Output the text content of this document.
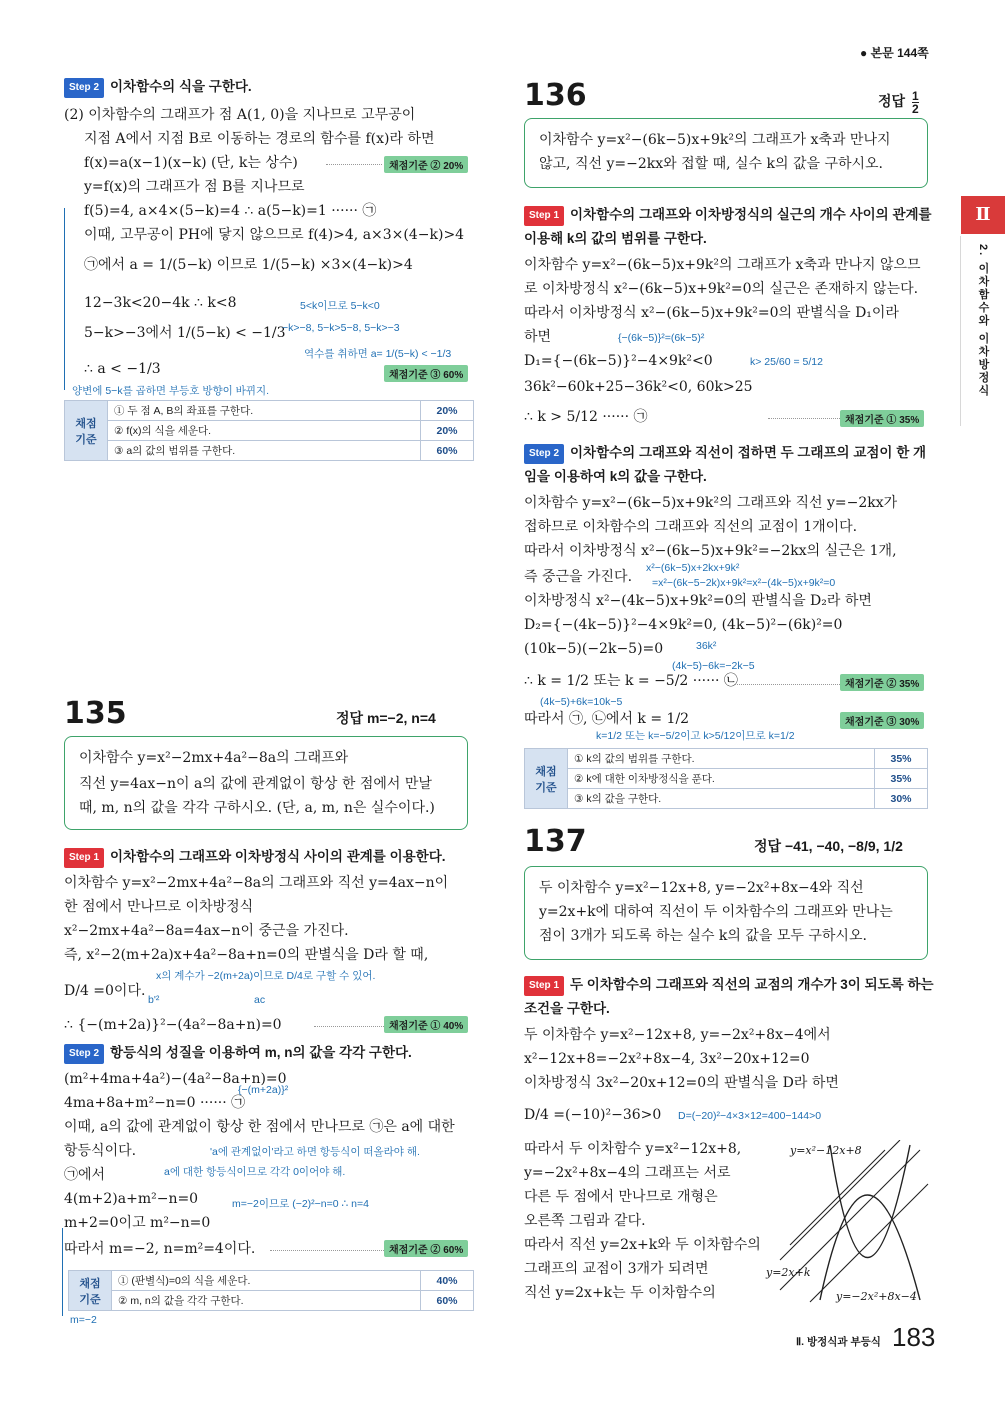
● 본문 144쪽
Ⅱ
2. 이차함수와 이차방정식
Step 2 이차함수의 식을 구한다.
(2) 이차함수의 그래프가 점 A(1, 0)을 지나므로 고무공이
지점 A에서 지점 B로 이동하는 경로의 함수를 f(x)라 하면
f(x)=a(x−1)(x−k) (단, k는 상수)	채점기준 ② 20%
y=f(x)의 그래프가 점 B를 지나므로
f(5)=4, a×4×(5−k)=4 ∴ a(5−k)=1 ······ ㉠
이때, 고무공이 PH에 닿지 않으므로 f(4)>4, a×3×(4−k)>4
㉠에서 a = 1/(5−k) 이므로 1/(5−k) ×3×(4−k)>4
12−3k<20−4k ∴ k<8	5<k이므로 5−k<0
5−k>−3에서 1/(5−k) < −1/3
−k>−8, 5−k>5−8, 5−k>−3
역수를 취하면 a= 1/(5−k) < −1/3
∴ a < −1/3	채점기준 ③ 60%
양변에 5−k를 곱하면 부등호 방향이 바뀌지.
채점 기준	① 두 점 A, B의 좌표를 구한다.	20%
	② f(x)의 식을 세운다.	20%
	③ a의 값의 범위를 구한다.	60%
135	정답 m=−2, n=4
이차함수 y=x²−2mx+4a²−8a의 그래프와
직선 y=4ax−n이 a의 값에 관계없이 항상 한 점에서 만날
때, m, n의 값을 각각 구하시오. (단, a, m, n은 실수이다.)
Step 1 이차함수의 그래프와 이차방정식 사이의 관계를 이용한다.
이차함수 y=x²−2mx+4a²−8a의 그래프와 직선 y=4ax−n이
한 점에서 만나므로 이차방정식
x²−2mx+4a²−8a=4ax−n이 중근을 가진다.
즉, x²−2(m+2a)x+4a²−8a+n=0의 판별식을 D라 할 때,
x의 계수가 −2(m+2a)이므로 D/4로 구할 수 있어.
D/4 =0이다.
b'²	ac
∴ {−(m+2a)}²−(4a²−8a+n)=0	채점기준 ① 40%
Step 2 항등식의 성질을 이용하여 m, n의 값을 각각 구한다.
(m²+4ma+4a²)−(4a²−8a+n)=0
{−(m+2a)}²
4ma+8a+m²−n=0 ······ ㉠
이때, a의 값에 관계없이 항상 한 점에서 만나므로 ㉠은 a에 대한
항등식이다.	'a에 관계없이'라고 하면 항등식이 떠올라야 해.
㉠에서	a에 대한 항등식이므로 각각 0이어야 해.
4(m+2)a+m²−n=0	m=−2이므로 (−2)²−n=0 ∴ n=4
m+2=0이고 m²−n=0
따라서 m=−2, n=m²=4이다.	채점기준 ② 60%
채점 기준	① (판별식)=0의 식을 세운다.	40%
	② m, n의 값을 각각 구한다.	60%
m=−2
136	정답 $\frac{1}{2}$
이차함수 y=x²−(6k−5)x+9k²의 그래프가 x축과 만나지
않고, 직선 y=−2kx와 접할 때, 실수 k의 값을 구하시오.
Step 1 이차함수의 그래프와 이차방정식의 실근의 개수 사이의 관계를
이용해 k의 값의 범위를 구한다.
이차함수 y=x²−(6k−5)x+9k²의 그래프가 x축과 만나지 않으므
로 이차방정식 x²−(6k−5)x+9k²=0의 실근은 존재하지 않는다.
따라서 이차방정식 x²−(6k−5)x+9k²=0의 판별식을 D₁이라
하면	{−(6k−5)}²=(6k−5)²
D₁={−(6k−5)}²−4×9k²<0	k> 25/60 = 5/12
36k²−60k+25−36k²<0, 60k>25
∴ k > 5/12 ······ ㉠	채점기준 ① 35%
Step 2 이차함수의 그래프와 직선이 접하면 두 그래프의 교점이 한 개
임을 이용하여 k의 값을 구한다.
이차함수 y=x²−(6k−5)x+9k²의 그래프와 직선 y=−2kx가
접하므로 이차함수의 그래프와 직선의 교점이 1개이다.
따라서 이차방정식 x²−(6k−5)x+9k²=−2kx의 실근은 1개,
x²−(6k−5)x+2kx+9k²
즉 중근을 가진다. =x²−(6k−5−2k)x+9k²=x²−(4k−5)x+9k²=0
이차방정식 x²−(4k−5)x+9k²=0의 판별식을 D₂라 하면
D₂={−(4k−5)}²−4×9k²=0, (4k−5)²−(6k)²=0
(10k−5)(−2k−5)=0	36k²
(4k−5)−6k=−2k−5
∴ k = 1/2 또는 k = −5/2 ······ ㉡	채점기준 ② 35%
(4k−5)+6k=10k−5
따라서 ㉠, ㉡에서 k = 1/2	채점기준 ③ 30%
k=1/2 또는 k=−5/2이고 k>5/12이므로 k=1/2
채점 기준	① k의 값의 범위를 구한다.	35%
	② k에 대한 이차방정식을 푼다.	35%
	③ k의 값을 구한다.	30%
137	정답 −41, −40, −8/9, 1/2
두 이차함수 y=x²−12x+8, y=−2x²+8x−4와 직선
y=2x+k에 대하여 직선이 두 이차함수의 그래프와 만나는
점이 3개가 되도록 하는 실수 k의 값을 모두 구하시오.
Step 1 두 이차함수의 그래프와 직선의 교점의 개수가 3이 되도록 하는
조건을 구한다.
두 이차함수 y=x²−12x+8, y=−2x²+8x−4에서
x²−12x+8=−2x²+8x−4, 3x²−20x+12=0
이차방정식 3x²−20x+12=0의 판별식을 D라 하면
D/4 =(−10)²−36>0 D=(−20)²−4×3×12=400−144>0
따라서 두 이차함수 y=x²−12x+8,
y=−2x²+8x−4의 그래프는 서로
다른 두 점에서 만나므로 개형은
오른쪽 그림과 같다.
따라서 직선 y=2x+k와 두 이차함수의
그래프의 교점이 3개가 되려면
직선 y=2x+k는 두 이차함수의
y=x²−12x+8
y=2x+k
y=−2x²+8x−4
Ⅱ. 방정식과 부등식 183
